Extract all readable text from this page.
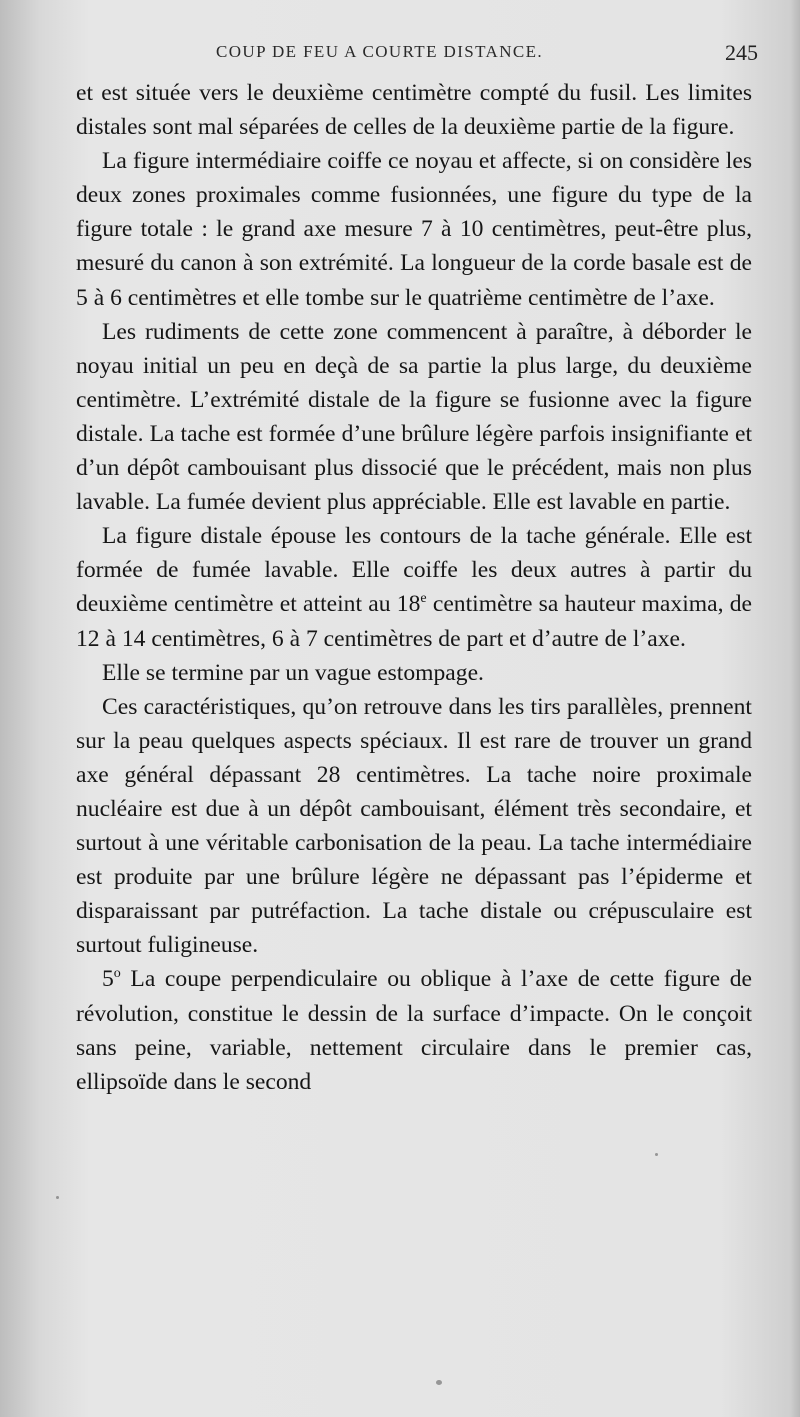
COUP DE FEU A COURTE DISTANCE.	245

et est située vers le deuxième centimètre compté du fusil. Les limites distales sont mal séparées de celles de la deuxième partie de la figure.

La figure intermédiaire coiffe ce noyau et affecte, si on considère les deux zones proximales comme fusionnées, une figure du type de la figure totale : le grand axe mesure 7 à 10 centimètres, peut-être plus, mesuré du canon à son extrémité. La longueur de la corde basale est de 5 à 6 centimètres et elle tombe sur le quatrième centimètre de l’axe.

Les rudiments de cette zone commencent à paraître, à déborder le noyau initial un peu en deçà de sa partie la plus large, du deuxième centimètre. L’extrémité distale de la figure se fusionne avec la figure distale. La tache est formée d’une brûlure légère parfois insignifiante et d’un dépôt cambouisant plus dissocié que le précédent, mais non plus lavable. La fumée devient plus appréciable. Elle est lavable en partie.

La figure distale épouse les contours de la tache générale. Elle est formée de fumée lavable. Elle coiffe les deux autres à partir du deuxième centimètre et atteint au 18e centimètre sa hauteur maxima, de 12 à 14 centimètres, 6 à 7 centimètres de part et d’autre de l’axe.

Elle se termine par un vague estompage.

Ces caractéristiques, qu’on retrouve dans les tirs parallèles, prennent sur la peau quelques aspects spéciaux. Il est rare de trouver un grand axe général dépassant 28 centimètres. La tache noire proximale nucléaire est due à un dépôt cambouisant, élément très secondaire, et surtout à une véritable carbonisation de la peau. La tache intermédiaire est produite par une brûlure légère ne dépassant pas l’épiderme et disparaissant par putréfaction. La tache distale ou crépusculaire est surtout fuligineuse.

5$^o$ La coupe perpendiculaire ou oblique à l’axe de cette figure de révolution, constitue le dessin de la surface d’impacte. On le conçoit sans peine, variable, nettement circulaire dans le premier cas, ellipsoïde dans le second
